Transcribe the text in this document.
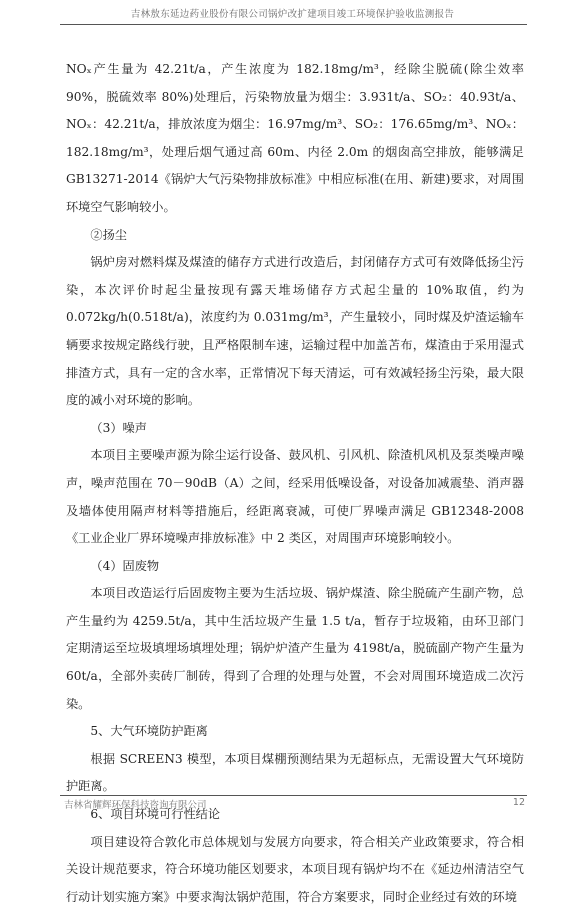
吉林敖东延边药业股份有限公司锅炉改扩建项目竣工环境保护验收监测报告

NOₓ产生量为 42.21t/a，产生浓度为 182.18mg/m³，经除尘脱硫(除尘效率 90%，脱硫效率 80%)处理后，污染物放量为烟尘：3.931t/a、SO₂：40.93t/a、NOₓ：42.21t/a，排放浓度为烟尘：16.97mg/m³、SO₂：176.65mg/m³、NOₓ：182.18mg/m³，处理后烟气通过高 60m、内径 2.0m 的烟囱高空排放，能够满足 GB13271-2014《锅炉大气污染物排放标准》中相应标准(在用、新建)要求，对周围环境空气影响较小。

②扬尘

锅炉房对燃料煤及煤渣的储存方式进行改造后，封闭储存方式可有效降低扬尘污染，本次评价时起尘量按现有露天堆场储存方式起尘量的 10%取值，约为 0.072kg/h(0.518t/a)，浓度约为 0.031mg/m³，产生量较小，同时煤及炉渣运输车辆要求按规定路线行驶，且严格限制车速，运输过程中加盖苫布，煤渣由于采用湿式排渣方式，具有一定的含水率，正常情况下每天清运，可有效减轻扬尘污染，最大限度的减小对环境的影响。

（3）噪声

本项目主要噪声源为除尘运行设备、鼓风机、引风机、除渣机风机及泵类噪声噪声，噪声范围在 70－90dB（A）之间，经采用低噪设备，对设备加减震垫、消声器及墙体使用隔声材料等措施后，经距离衰减，可使厂界噪声满足 GB12348-2008《工业企业厂界环境噪声排放标准》中 2 类区，对周围声环境影响较小。

（4）固废物

本项目改造运行后固废物主要为生活垃圾、锅炉煤渣、除尘脱硫产生副产物，总产生量约为 4259.5t/a，其中生活垃圾产生量 1.5 t/a，暂存于垃圾箱，由环卫部门定期清运至垃圾填埋场填埋处理；锅炉炉渣产生量为 4198t/a，脱硫副产物产生量为 60t/a，全部外卖砖厂制砖，得到了合理的处理与处置，不会对周围环境造成二次污染。

5、大气环境防护距离

根据 SCREEN3 模型，本项目煤棚预测结果为无超标点，无需设置大气环境防护距离。

6、项目环境可行性结论

项目建设符合敦化市总体规划与发展方向要求，符合相关产业政策要求，符合相关设计规范要求，符合环境功能区划要求，本项目现有锅炉均不在《延边州清洁空气行动计划实施方案》中要求淘汰锅炉范围，符合方案要求，同时企业经过有效的环境

吉林省耀辉环保科技咨询有限公司	12
